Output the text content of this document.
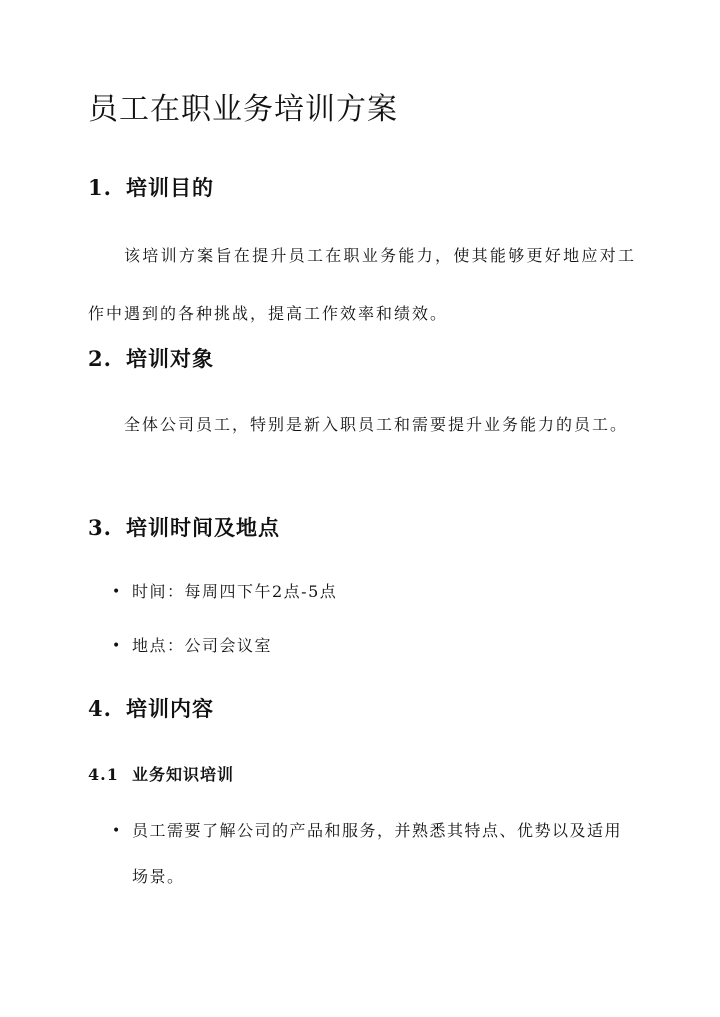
员工在职业务培训方案
1. 培训目的

该培训方案旨在提升员工在职业务能力，使其能够更好地应对工作中遇到的各种挑战，提高工作效率和绩效。

2. 培训对象

全体公司员工，特别是新入职员工和需要提升业务能力的员工。

3. 培训时间及地点
• 时间：每周四下午2点-5点
• 地点：公司会议室
4. 培训内容
4.1 业务知识培训
• 员工需要了解公司的产品和服务，并熟悉其特点、优势以及适用场景。
